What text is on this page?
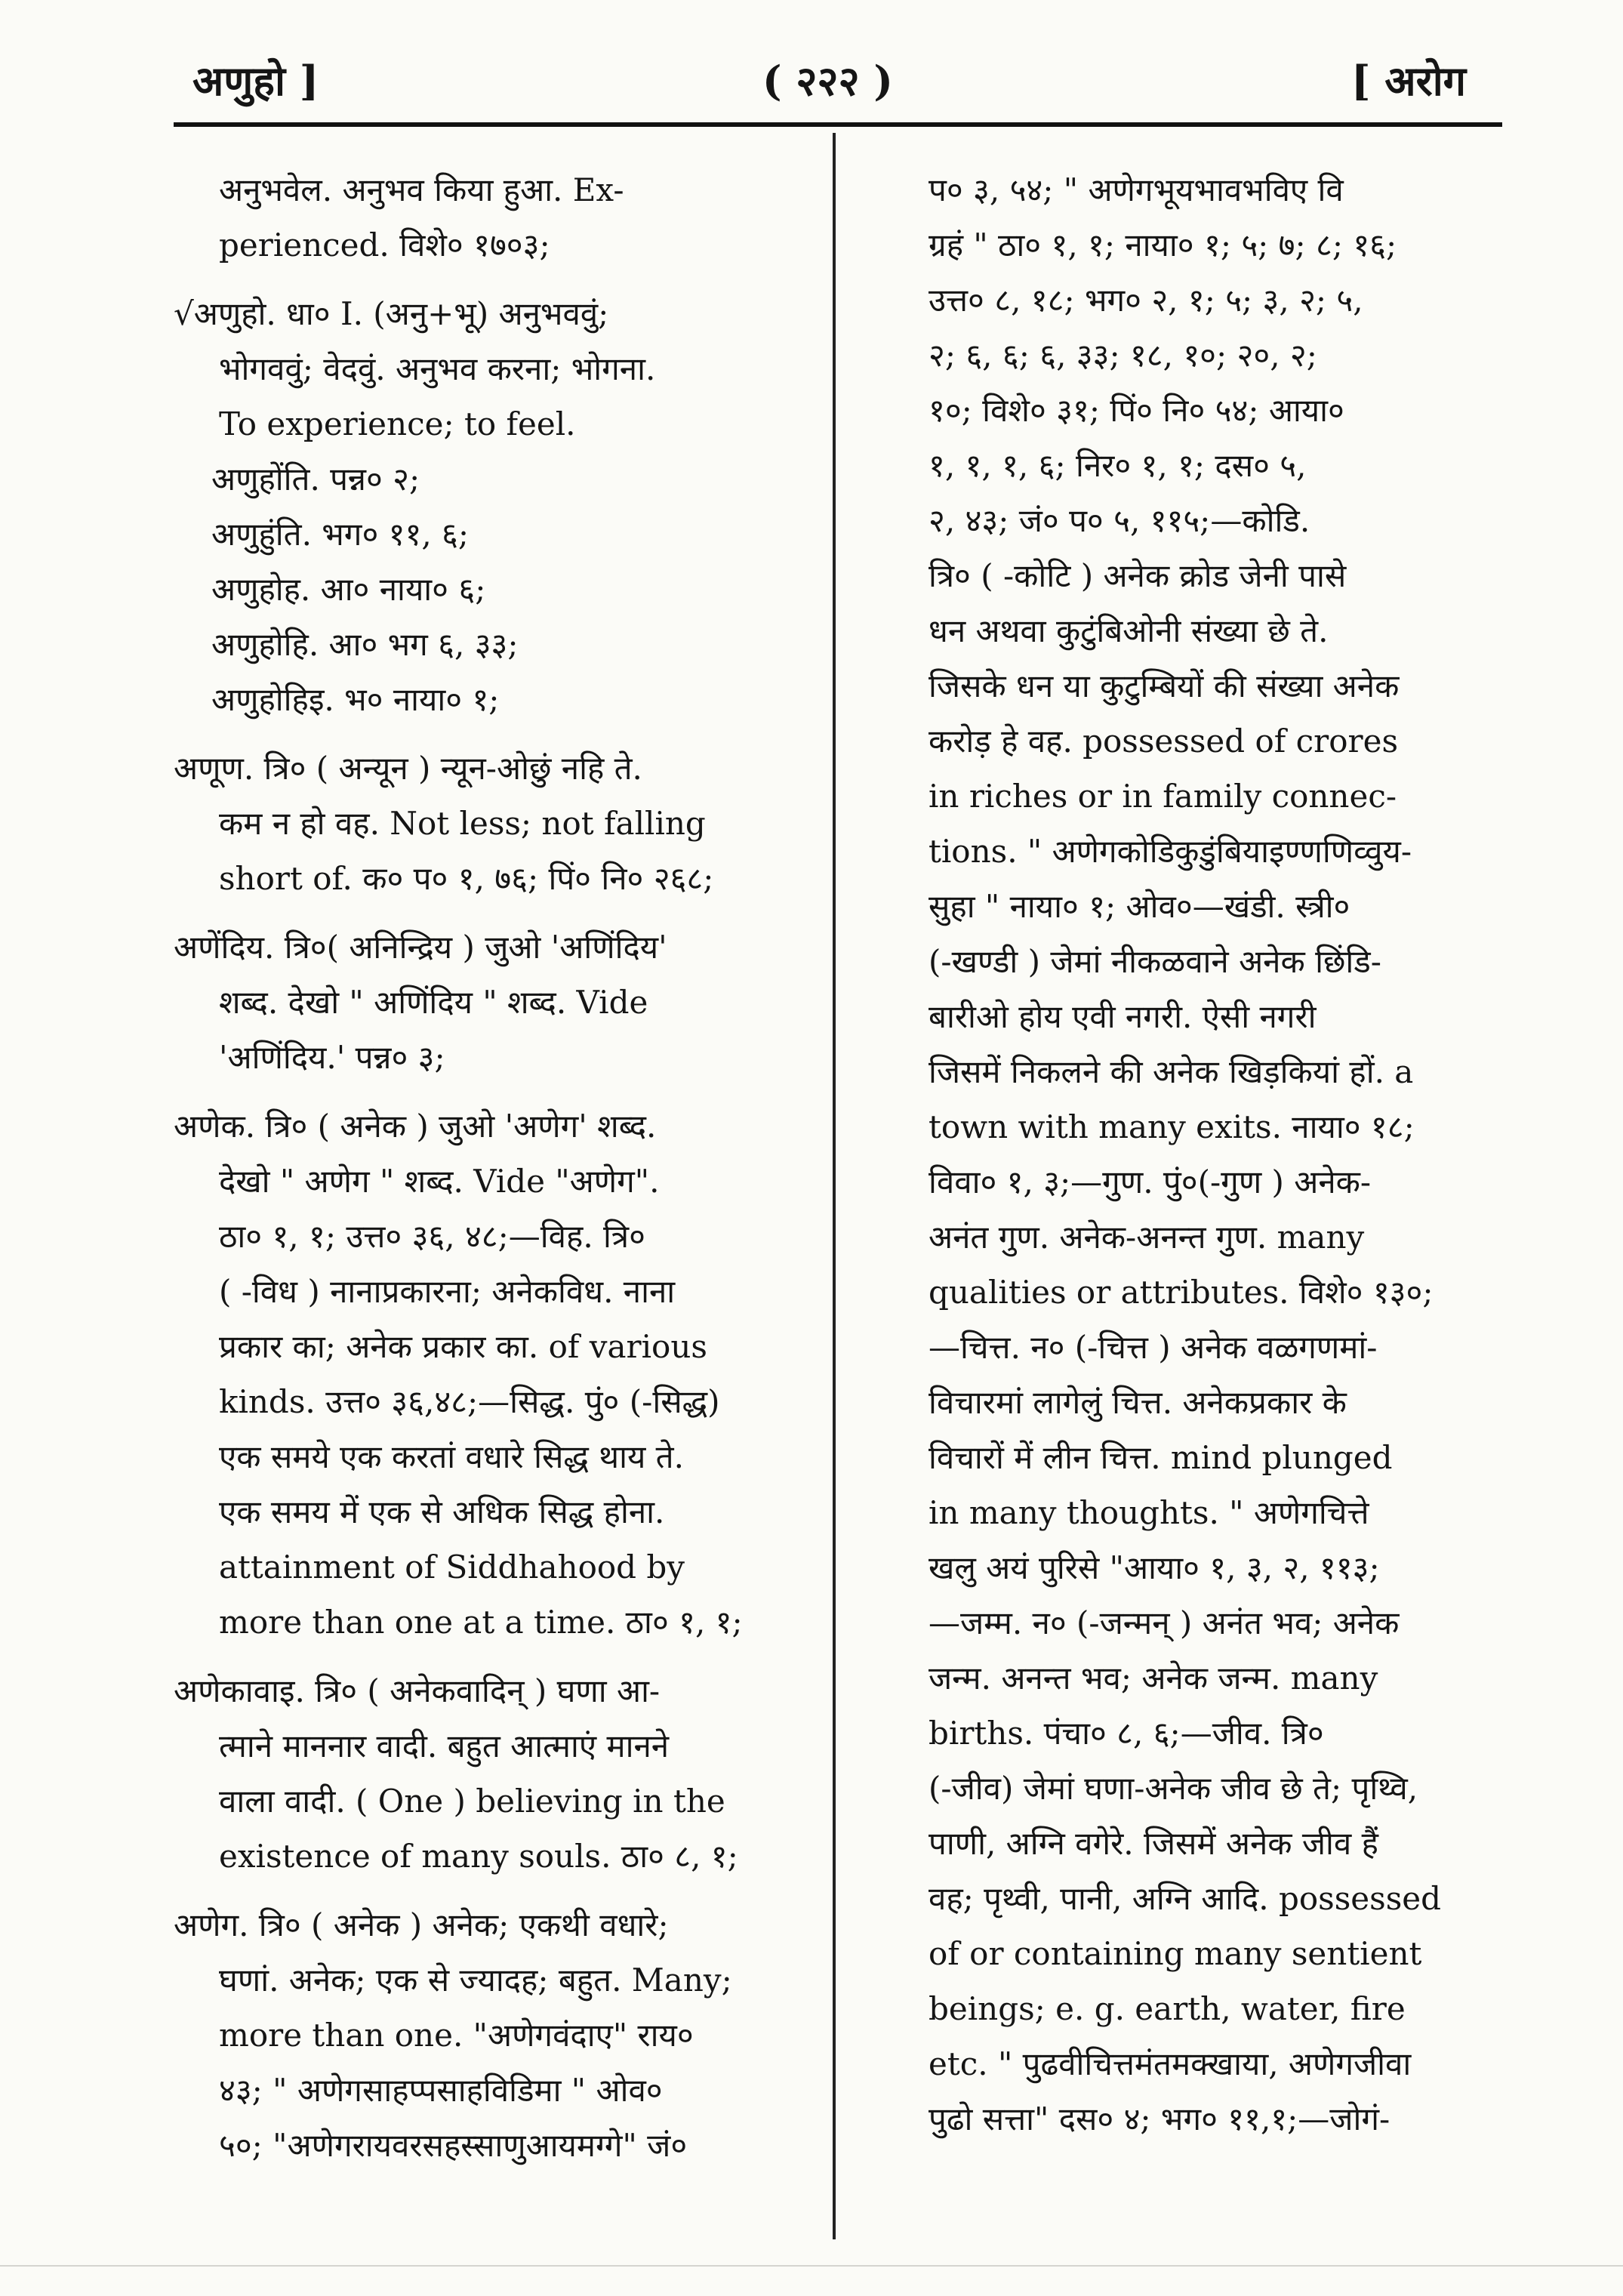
अणुहो ]	( २२२ )	[ अरोग
अनुभवेल. अनुभव किया हुआ. Ex-
perienced. विशे० १७०३;
√अणुहो. धा० I. (अनु+भू) अनुभववुं;
भोगववुं; वेदवुं. अनुभव करना; भोगना.
To experience; to feel.
अणुहोंति. पन्न० २;
अणुहुंति. भग० ११, ६;
अणुहोह. आ० नाया० ६;
अणुहोहि. आ० भग ६, ३३;
अणुहोहिइ. भ० नाया० १;
अणूण. त्रि० ( अन्यून ) न्यून-ओछुं नहि ते.
कम न हो वह. Not less; not falling
short of. क० प० १, ७६; पिं० नि० २६८;
अणेंदिय. त्रि०( अनिन्द्रिय ) जुओ 'अणिंदिय'
शब्द. देखो " अणिंदिय " शब्द. Vide
'अणिंदिय.' पन्न० ३;
अणेक. त्रि० ( अनेक ) जुओ 'अणेग' शब्द.
देखो " अणेग " शब्द. Vide "अणेग".
ठा० १, १; उत्त० ३६, ४८;—विह. त्रि०
( -विध ) नानाप्रकारना; अनेकविध. नाना
प्रकार का; अनेक प्रकार का. of various
kinds. उत्त० ३६,४८;—सिद्ध. पुं० (-सिद्ध)
एक समये एक करतां वधारे सिद्ध थाय ते.
एक समय में एक से अधिक सिद्ध होना.
attainment of Siddhahood by
more than one at a time. ठा० १, १;
अणेकावाइ. त्रि० ( अनेकवादिन् ) घणा आ-
त्माने माननार वादी. बहुत आत्माएं मानने
वाला वादी. ( One ) believing in the
existence of many souls. ठा० ८, १;
अणेग. त्रि० ( अनेक ) अनेक; एकथी वधारे;
घणां. अनेक; एक से ज्यादह; बहुत. Many;
more than one. "अणेगवंदाए" राय०
४३; " अणेगसाहप्पसाहविडिमा " ओव०
५०; "अणेगरायवरसहस्साणुआयमग्गे" जं०
प० ३, ५४; " अणेगभूयभावभविए वि
ग्रहं " ठा० १, १; नाया० १; ५; ७; ८; १६;
उत्त० ८, १८; भग० २, १; ५; ३, २; ५,
२; ६, ६; ६, ३३; १८, १०; २०, २;
१०; विशे० ३१; पिं० नि० ५४; आया०
१, १, १, ६; निर० १, १; दस० ५,
२, ४३; जं० प० ५, ११५;—कोडि.
त्रि० ( -कोटि ) अनेक क्रोड जेनी पासे
धन अथवा कुटुंबिओनी संख्या छे ते.
जिसके धन या कुटुम्बियों की संख्या अनेक
करोड़ हे वह. possessed of crores
in riches or in family connec-
tions. " अणेगकोडिकुडुंबियाइण्णणिव्वुय-
सुहा " नाया० १; ओव०—खंडी. स्त्री०
(-खण्डी ) जेमां नीकळवाने अनेक छिंडि-
बारीओ होय एवी नगरी. ऐसी नगरी
जिसमें निकलने की अनेक खिड़कियां हों. a
town with many exits. नाया० १८;
विवा० १, ३;—गुण. पुं०(-गुण ) अनेक-
अनंत गुण. अनेक-अनन्त गुण. many
qualities or attributes. विशे० १३०;
—चित्त. न० (-चित्त ) अनेक वळगणमां-
विचारमां लागेलुं चित्त. अनेकप्रकार के
विचारों में लीन चित्त. mind plunged
in many thoughts. " अणेगचित्ते
खलु अयं पुरिसे "आया० १, ३, २, ११३;
—जम्म. न० (-जन्मन् ) अनंत भव; अनेक
जन्म. अनन्त भव; अनेक जन्म. many
births. पंचा० ८, ६;—जीव. त्रि०
(-जीव) जेमां घणा-अनेक जीव छे ते; पृथ्वि,
पाणी, अग्नि वगेरे. जिसमें अनेक जीव हैं
वह; पृथ्वी, पानी, अग्नि आदि. possessed
of or containing many sentient
beings; e. g. earth, water, fire
etc. " पुढवीचित्तमंतमक्खाया, अणेगजीवा
पुढो सत्ता" दस० ४; भग० ११,१;—जोगं-
